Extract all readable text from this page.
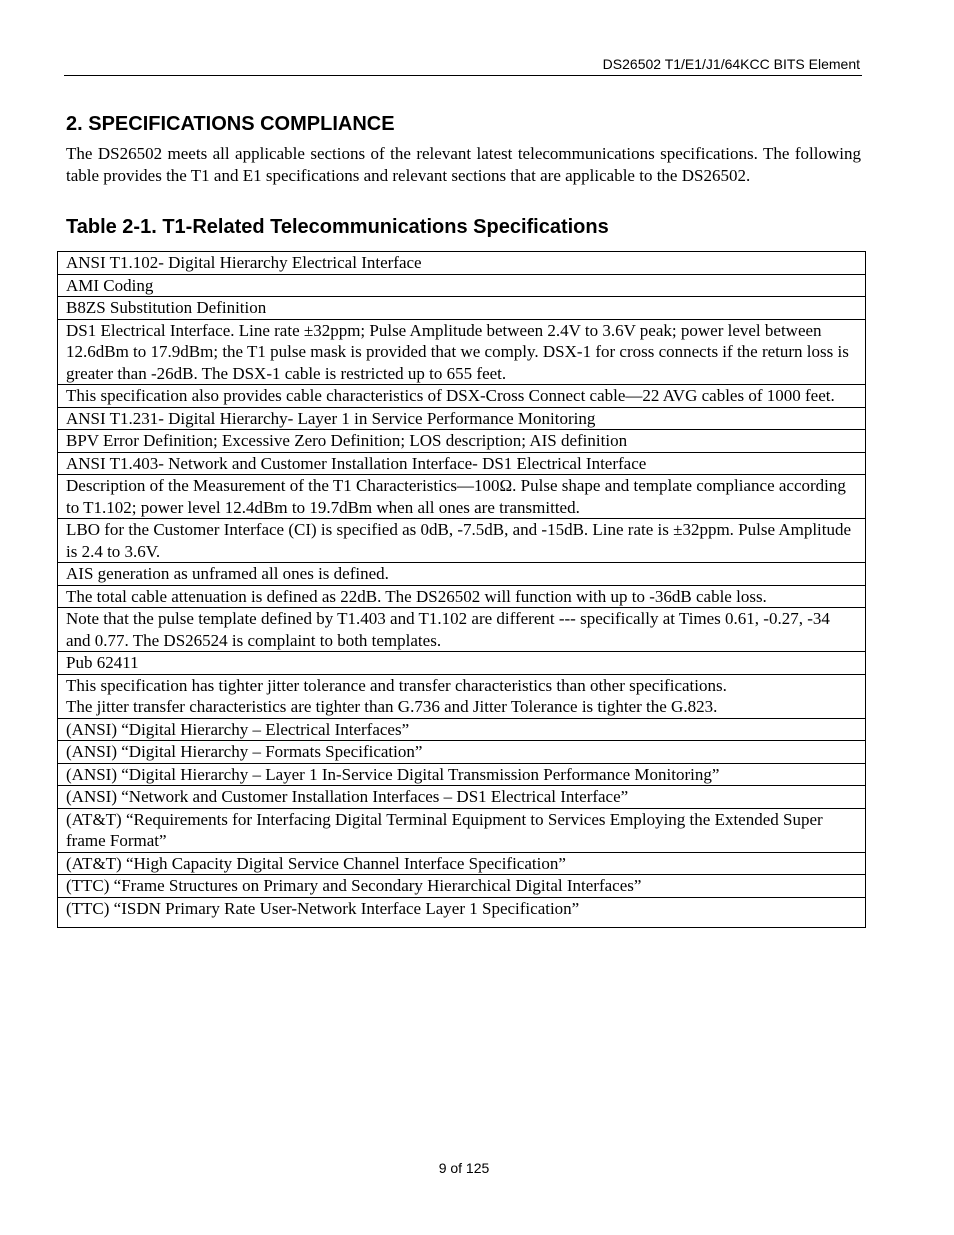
DS26502 T1/E1/J1/64KCC BITS Element
2. SPECIFICATIONS COMPLIANCE

The DS26502 meets all applicable sections of the relevant latest telecommunications specifications. The following table provides the T1 and E1 specifications and relevant sections that are applicable to the DS26502.

Table 2-1. T1-Related Telecommunications Specifications
ANSI T1.102- Digital Hierarchy Electrical Interface
AMI Coding
B8ZS Substitution Definition
DS1 Electrical Interface. Line rate ±32ppm; Pulse Amplitude between 2.4V to 3.6V peak; power level between 12.6dBm to 17.9dBm; the T1 pulse mask is provided that we comply. DSX-1 for cross connects if the return loss is greater than -26dB. The DSX-1 cable is restricted up to 655 feet.
This specification also provides cable characteristics of DSX-Cross Connect cable—22 AVG cables of 1000 feet.
ANSI T1.231- Digital Hierarchy- Layer 1 in Service Performance Monitoring
BPV Error Definition; Excessive Zero Definition; LOS description; AIS definition
ANSI T1.403- Network and Customer Installation Interface- DS1 Electrical Interface
Description of the Measurement of the T1 Characteristics—100Ω. Pulse shape and template compliance according to T1.102; power level 12.4dBm to 19.7dBm when all ones are transmitted.
LBO for the Customer Interface (CI) is specified as 0dB, -7.5dB, and -15dB. Line rate is ±32ppm. Pulse Amplitude is 2.4 to 3.6V.
AIS generation as unframed all ones is defined.
The total cable attenuation is defined as 22dB. The DS26502 will function with up to -36dB cable loss.
Note that the pulse template defined by T1.403 and T1.102 are different --- specifically at Times 0.61, -0.27, -34 and 0.77. The DS26524 is complaint to both templates.
Pub 62411
This specification has tighter jitter tolerance and transfer characteristics than other specifications.
The jitter transfer characteristics are tighter than G.736 and Jitter Tolerance is tighter the G.823.
(ANSI) “Digital Hierarchy – Electrical Interfaces”
(ANSI) “Digital Hierarchy – Formats Specification”
(ANSI) “Digital Hierarchy – Layer 1 In-Service Digital Transmission Performance Monitoring”
(ANSI) “Network and Customer Installation Interfaces – DS1 Electrical Interface”
(AT&T) “Requirements for Interfacing Digital Terminal Equipment to Services Employing the Extended Super frame Format”
(AT&T) “High Capacity Digital Service Channel Interface Specification”
(TTC) “Frame Structures on Primary and Secondary Hierarchical Digital Interfaces”
(TTC) “ISDN Primary Rate User-Network Interface Layer 1 Specification”
9 of 125
